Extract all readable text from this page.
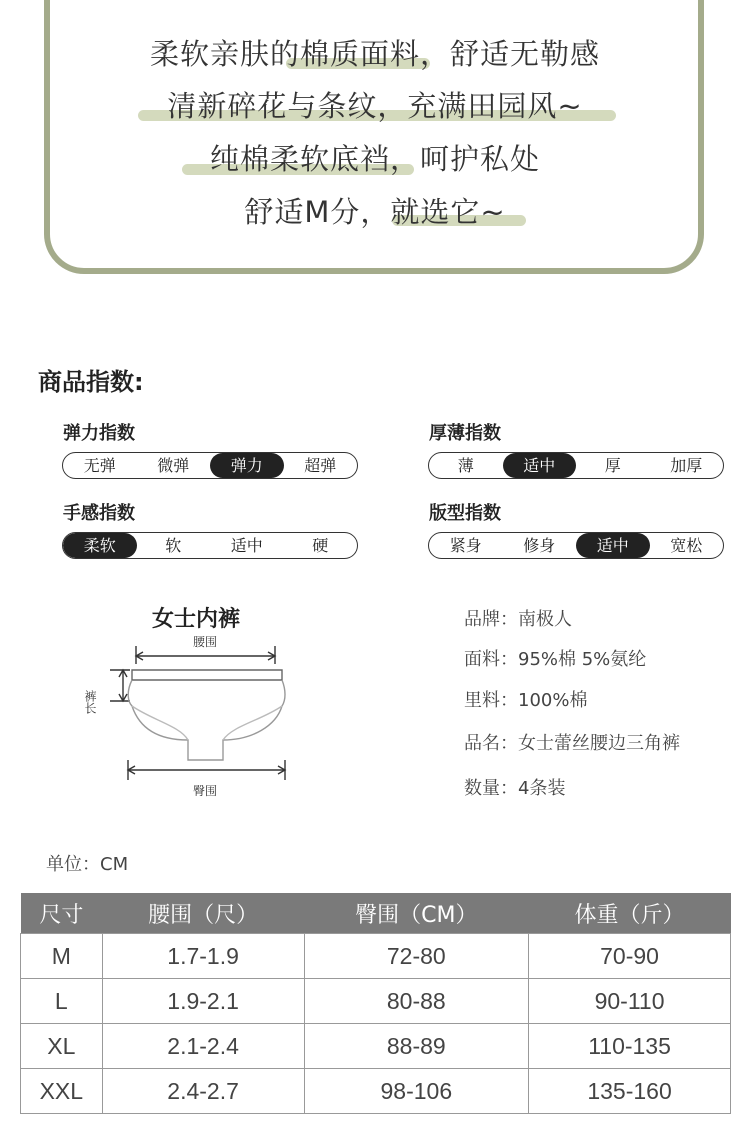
柔软亲肤的棉质面料，舒适无勒感
清新碎花与条纹，充满田园风~
纯棉柔软底裆，呵护私处
舒适M分，就选它~
商品指数:
弹力指数
无弹	微弹	弹力	超弹
厚薄指数
薄	适中	厚	加厚
手感指数
柔软	软	适中	硬
版型指数
紧身	修身	适中	宽松
女士内裤
腰围
裤长
臀围
品牌：南极人
面料：95%棉 5%氨纶
里料：100%棉
品名：女士蕾丝腰边三角裤
数量：4条装
单位：CM
尺寸	腰围（尺）	臀围（CM）	体重（斤）
M	1.7-1.9	72-80	70-90
L	1.9-2.1	80-88	90-110
XL	2.1-2.4	88-89	110-135
XXL	2.4-2.7	98-106	135-160
